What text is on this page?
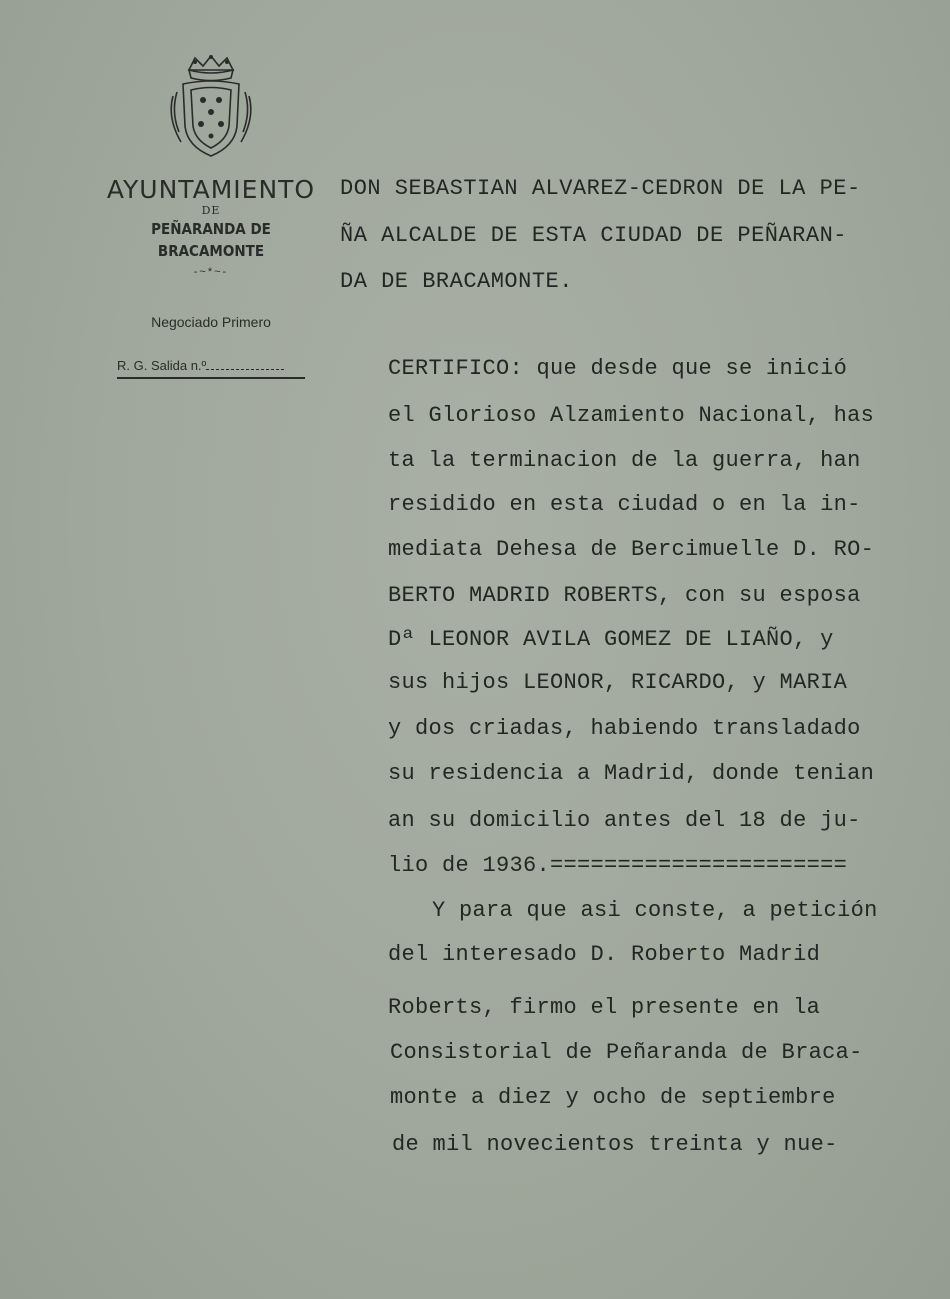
AYUNTAMIENTO
DE
PEÑARANDA DE BRACAMONTE
-~*~-
Negociado Primero
R. G. Salida n.º
DON SEBASTIAN ALVAREZ-CEDRON DE LA PE-
ÑA ALCALDE DE ESTA CIUDAD DE PEÑARAN-
DA DE BRACAMONTE.
CERTIFICO: que desde que se inició
el Glorioso Alzamiento Nacional, has
ta la terminacion de la guerra, han
residido en esta ciudad o en la in-
mediata Dehesa de Bercimuelle D. RO-
BERTO MADRID ROBERTS, con su esposa
Dª LEONOR AVILA GOMEZ DE LIAÑO, y
sus hijos LEONOR, RICARDO, y MARIA
y dos criadas, habiendo transladado
su residencia a Madrid, donde tenian
an su domicilio antes del 18 de ju-
lio de 1936.======================
Y para que asi conste, a petición
del interesado D. Roberto Madrid
Roberts, firmo el presente en la
Consistorial de Peñaranda de Braca-
monte a diez y ocho de septiembre
de mil novecientos treinta y nue-
